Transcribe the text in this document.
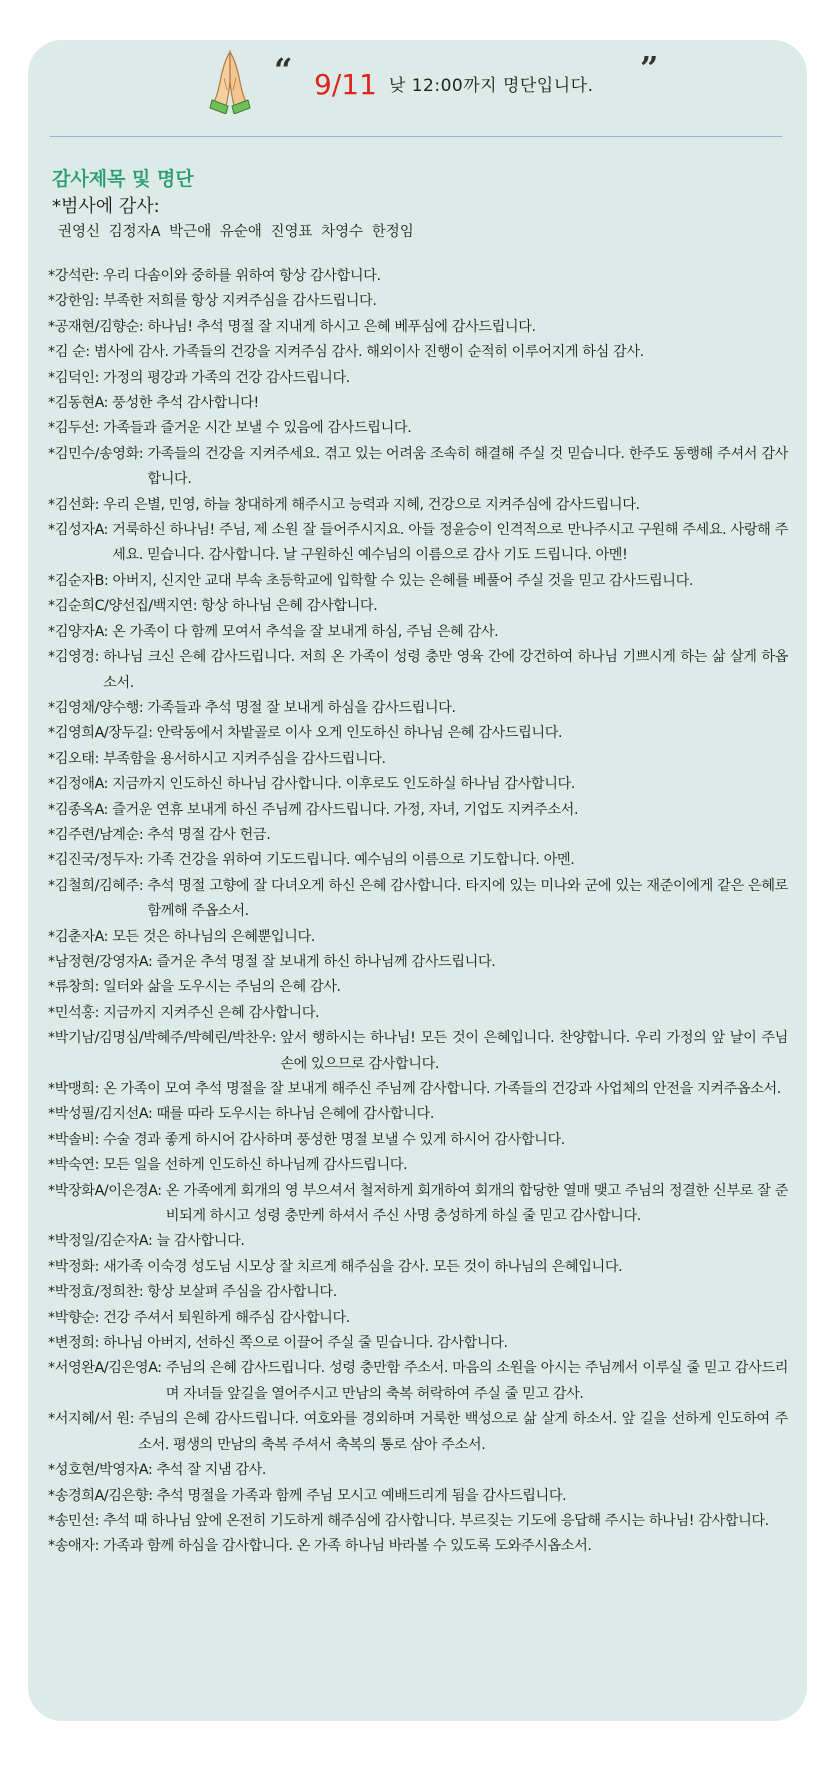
“ 9/11 낮 12:00까지 명단입니다. ”
감사제목 및 명단
*범사에 감사:
권영신 김정자A 박근애 유순애 진영표 차영수 한정임
*강석란:
우리 다솜이와 중하를 위하여 항상 감사합니다.
*강한임:
부족한 저희를 항상 지켜주심을 감사드립니다.
*공재현/김향순:
하나님! 추석 명절 잘 지내게 하시고 은혜 베푸심에 감사드립니다.
*김 순:
범사에 감사. 가족들의 건강을 지켜주심 감사. 해외이사 진행이 순적히 이루어지게 하심 감사.
*김덕인:
가정의 평강과 가족의 건강 감사드립니다.
*김동현A:
풍성한 추석 감사합니다!
*김두선:
가족들과 즐거운 시간 보낼 수 있음에 감사드립니다.
*김민수/송영화:
가족들의 건강을 지켜주세요. 겪고 있는 어려움 조속히 해결해 주실 것 믿습니다. 한주도 동행해 주셔서 감사합니다.
*김선화:
우리 은별, 민영, 하늘 창대하게 해주시고 능력과 지혜, 건강으로 지켜주심에 감사드립니다.
*김성자A:
거룩하신 하나님! 주님, 제 소원 잘 들어주시지요. 아들 정윤승이 인격적으로 만나주시고 구원해 주세요. 사랑해 주세요. 믿습니다. 감사합니다. 날 구원하신 예수님의 이름으로 감사 기도 드립니다. 아멘!
*김순자B:
아버지, 신지안 교대 부속 초등학교에 입학할 수 있는 은혜를 베풀어 주실 것을 믿고 감사드립니다.
*김순희C/양선집/백지연:
항상 하나님 은혜 감사합니다.
*김양자A:
온 가족이 다 함께 모여서 추석을 잘 보내게 하심, 주님 은혜 감사.
*김영경:
하나님 크신 은혜 감사드립니다. 저희 온 가족이 성령 충만 영육 간에 강건하여 하나님 기쁘시게 하는 삶 살게 하옵소서.
*김영채/양수행:
가족들과 추석 명절 잘 보내게 하심을 감사드립니다.
*김영희A/장두길:
안락동에서 차밭골로 이사 오게 인도하신 하나님 은혜 감사드립니다.
*김오태:
부족함을 용서하시고 지켜주심을 감사드립니다.
*김정애A:
지금까지 인도하신 하나님 감사합니다. 이후로도 인도하실 하나님 감사합니다.
*김종옥A:
즐거운 연휴 보내게 하신 주님께 감사드립니다. 가정, 자녀, 기업도 지켜주소서.
*김주련/남계순:
추석 명절 감사 헌금.
*김진국/정두자:
가족 건강을 위하여 기도드립니다. 예수님의 이름으로 기도합니다. 아멘.
*김철희/김혜주:
추석 명절 고향에 잘 다녀오게 하신 은혜 감사합니다. 타지에 있는 미나와 군에 있는 재준이에게 같은 은혜로 함께해 주옵소서.
*김춘자A:
모든 것은 하나님의 은혜뿐입니다.
*남정현/강영자A:
즐거운 추석 명절 잘 보내게 하신 하나님께 감사드립니다.
*류창희:
일터와 삶을 도우시는 주님의 은혜 감사.
*민석홍:
지금까지 지켜주신 은혜 감사합니다.
*박기남/김명심/박혜주/박혜린/박찬우:
앞서 행하시는 하나님! 모든 것이 은혜입니다. 찬양합니다. 우리 가정의 앞 날이 주님 손에 있으므로 감사합니다.
*박맹희:
온 가족이 모여 추석 명절을 잘 보내게 해주신 주님께 감사합니다. 가족들의 건강과 사업체의 안전을 지켜주옵소서.
*박성필/김지선A:
때를 따라 도우시는 하나님 은혜에 감사합니다.
*박솔비:
수술 경과 좋게 하시어 감사하며 풍성한 명절 보낼 수 있게 하시어 감사합니다.
*박숙연:
모든 일을 선하게 인도하신 하나님께 감사드립니다.
*박장화A/이은경A:
온 가족에게 회개의 영 부으셔서 철저하게 회개하여 회개의 합당한 열매 맺고 주님의 정결한 신부로 잘 준비되게 하시고 성령 충만케 하셔서 주신 사명 충성하게 하실 줄 믿고 감사합니다.
*박정일/김순자A:
늘 감사합니다.
*박정화:
새가족 이숙경 성도님 시모상 잘 치르게 해주심을 감사. 모든 것이 하나님의 은혜입니다.
*박정효/정희찬:
항상 보살펴 주심을 감사합니다.
*박향순:
건강 주셔서 퇴원하게 해주심 감사합니다.
*변정희:
하나님 아버지, 선하신 쪽으로 이끌어 주실 줄 믿습니다. 감사합니다.
*서영완A/김은영A:
주님의 은혜 감사드립니다. 성령 충만함 주소서. 마음의 소원을 아시는 주님께서 이루실 줄 믿고 감사드리며 자녀들 앞길을 열어주시고 만남의 축복 허락하여 주실 줄 믿고 감사.
*서지혜/서 원:
주님의 은혜 감사드립니다. 여호와를 경외하며 거룩한 백성으로 삶 살게 하소서. 앞 길을 선하게 인도하여 주소서. 평생의 만남의 축복 주셔서 축복의 통로 삼아 주소서.
*성호현/박영자A:
추석 잘 지냄 감사.
*송경희A/김은향:
추석 명절을 가족과 함께 주님 모시고 예배드리게 됨을 감사드립니다.
*송민선:
추석 때 하나님 앞에 온전히 기도하게 해주심에 감사합니다. 부르짖는 기도에 응답해 주시는 하나님! 감사합니다.
*송애자:
가족과 함께 하심을 감사합니다. 온 가족 하나님 바라볼 수 있도록 도와주시옵소서.
